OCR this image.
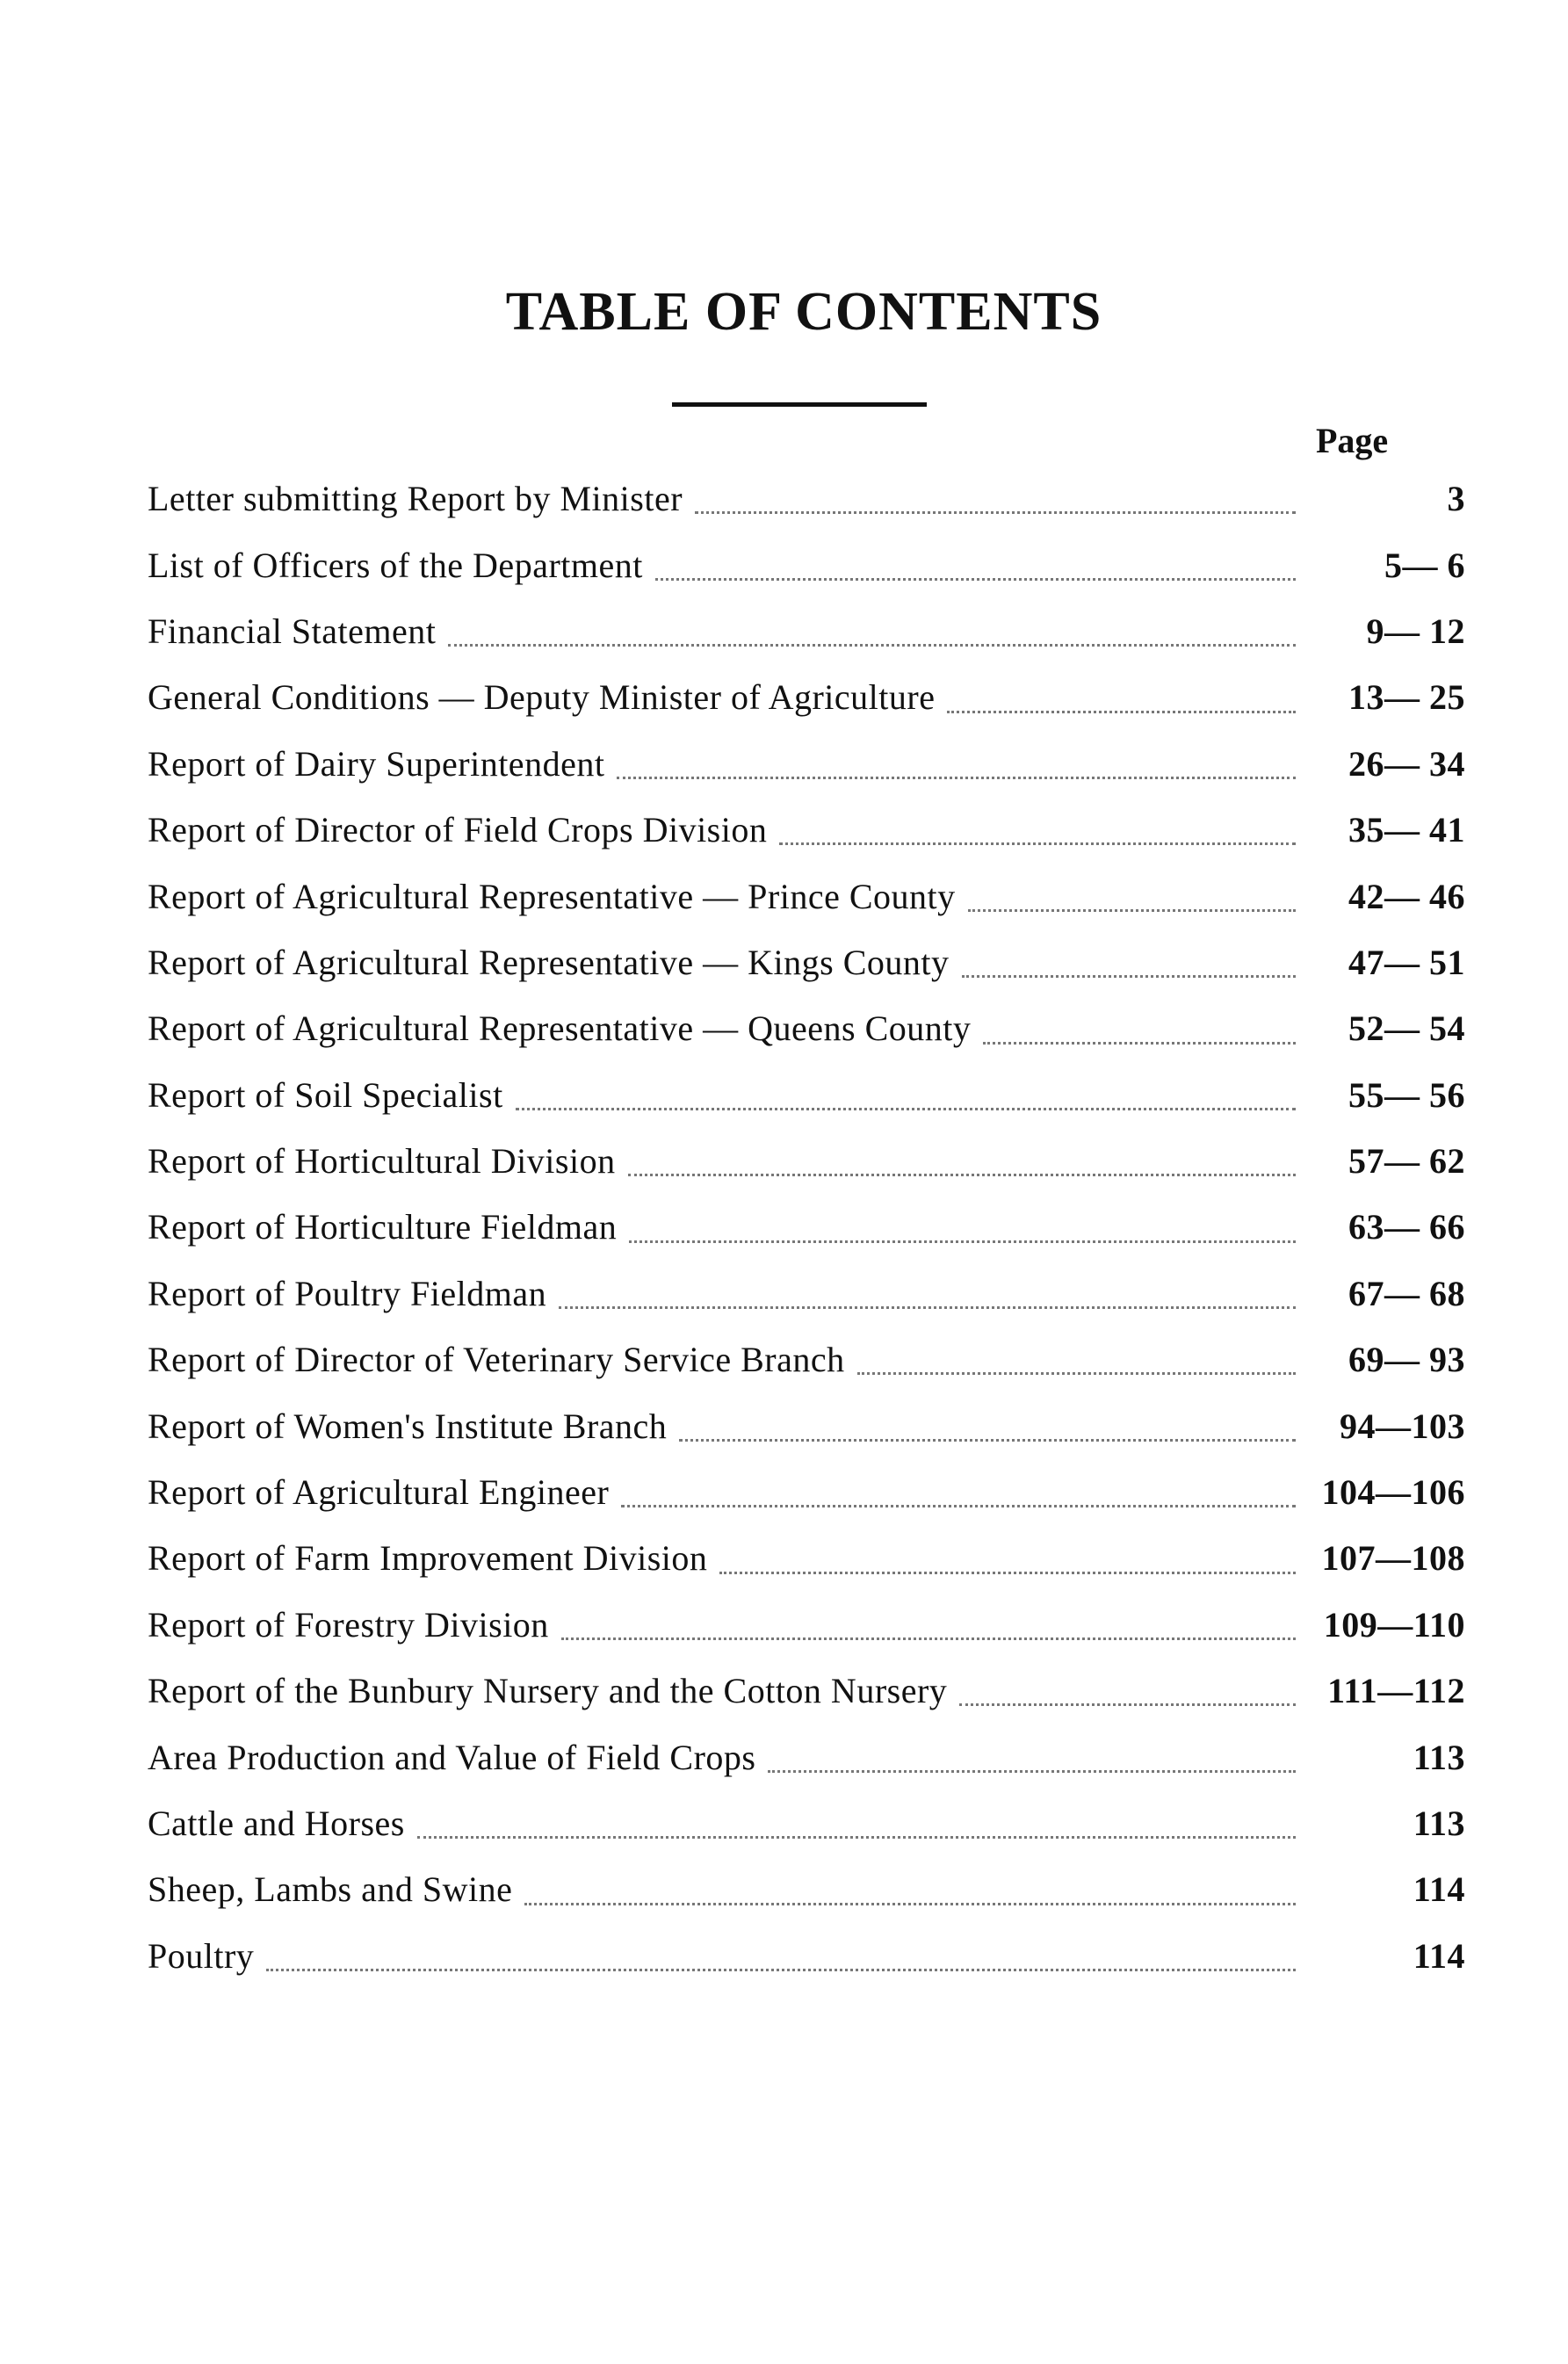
TABLE OF CONTENTS
Page
Letter submitting Report by Minister	3
List of Officers of the Department	5— 6
Financial Statement	9— 12
General Conditions — Deputy Minister of Agriculture	13— 25
Report of Dairy Superintendent	26— 34
Report of Director of Field Crops Division	35— 41
Report of Agricultural Representative — Prince County	42— 46
Report of Agricultural Representative — Kings County	47— 51
Report of Agricultural Representative — Queens County	52— 54
Report of Soil Specialist	55— 56
Report of Horticultural Division	57— 62
Report of Horticulture Fieldman	63— 66
Report of Poultry Fieldman	67— 68
Report of Director of Veterinary Service Branch	69— 93
Report of Women's Institute Branch	94—103
Report of Agricultural Engineer	104—106
Report of Farm Improvement Division	107—108
Report of Forestry Division	109—110
Report of the Bunbury Nursery and the Cotton Nursery	111—112
Area Production and Value of Field Crops	113
Cattle and Horses	113
Sheep, Lambs and Swine	114
Poultry	114
